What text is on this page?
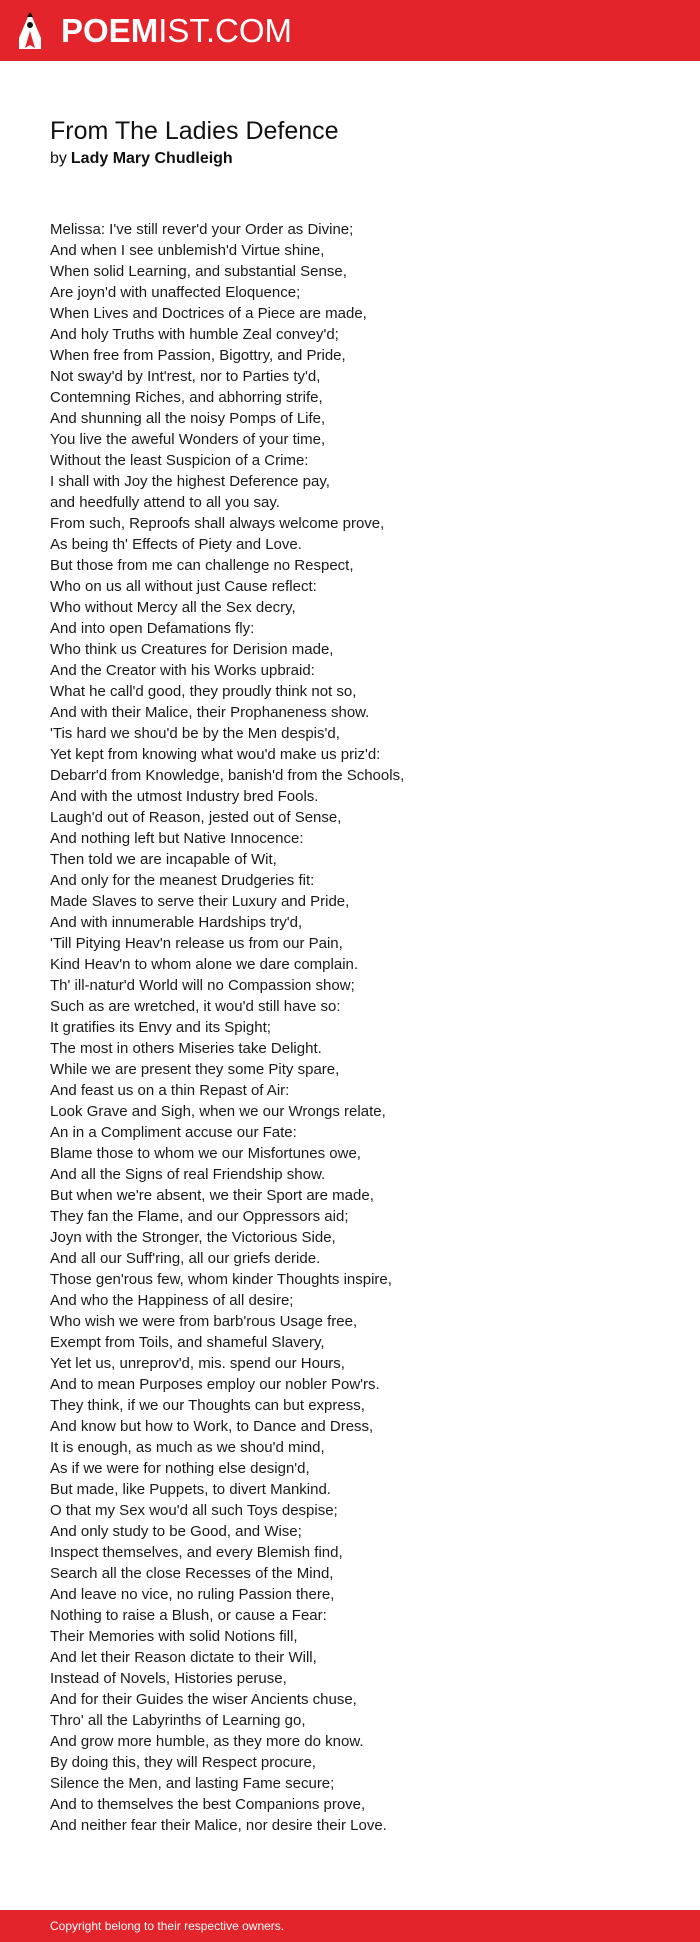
POEM IST.COM
From The Ladies Defence
by Lady Mary Chudleigh
Melissa: I've still rever'd your Order as Divine;
And when I see unblemish'd Virtue shine,
When solid Learning, and substantial Sense,
Are joyn'd with unaffected Eloquence;
When Lives and Doctrices of a Piece are made,
And holy Truths with humble Zeal convey'd;
When free from Passion, Bigottry, and Pride,
Not sway'd by Int'rest, nor to Parties ty'd,
Contemning Riches, and abhorring strife,
And shunning all the noisy Pomps of Life,
You live the aweful Wonders of your time,
Without the least Suspicion of a Crime:
I shall with Joy the highest Deference pay,
and heedfully attend to all you say.
From such, Reproofs shall always welcome prove,
As being th' Effects of Piety and Love.
But those from me can challenge no Respect,
Who on us all without just Cause reflect:
Who without Mercy all the Sex decry,
And into open Defamations fly:
Who think us Creatures for Derision made,
And the Creator with his Works upbraid:
What he call'd good, they proudly think not so,
And with their Malice, their Prophaneness show.
'Tis hard we shou'd be by the Men despis'd,
Yet kept from knowing what wou'd make us priz'd:
Debarr'd from Knowledge, banish'd from the Schools,
And with the utmost Industry bred Fools.
Laugh'd out of Reason, jested out of Sense,
And nothing left but Native Innocence:
Then told we are incapable of Wit,
And only for the meanest Drudgeries fit:
Made Slaves to serve their Luxury and Pride,
And with innumerable Hardships try'd,
'Till Pitying Heav'n release us from our Pain,
Kind Heav'n to whom alone we dare complain.
Th' ill-natur'd World will no Compassion show;
Such as are wretched, it wou'd still have so:
It gratifies its Envy and its Spight;
The most in others Miseries take Delight.
While we are present they some Pity spare,
And feast us on a thin Repast of Air:
Look Grave and Sigh, when we our Wrongs relate,
An in a Compliment accuse our Fate:
Blame those to whom we our Misfortunes owe,
And all the Signs of real Friendship show.
But when we're absent, we their Sport are made,
They fan the Flame, and our Oppressors aid;
Joyn with the Stronger, the Victorious Side,
And all our Suff'ring, all our griefs deride.
Those gen'rous few, whom kinder Thoughts inspire,
And who the Happiness of all desire;
Who wish we were from barb'rous Usage free,
Exempt from Toils, and shameful Slavery,
Yet let us, unreprov'd, mis. spend our Hours,
And to mean Purposes employ our nobler Pow'rs.
They think, if we our Thoughts can but express,
And know but how to Work, to Dance and Dress,
It is enough, as much as we shou'd mind,
As if we were for nothing else design'd,
But made, like Puppets, to divert Mankind.
O that my Sex wou'd all such Toys despise;
And only study to be Good, and Wise;
Inspect themselves, and every Blemish find,
Search all the close Recesses of the Mind,
And leave no vice, no ruling Passion there,
Nothing to raise a Blush, or cause a Fear:
Their Memories with solid Notions fill,
And let their Reason dictate to their Will,
Instead of Novels, Histories peruse,
And for their Guides the wiser Ancients chuse,
Thro' all the Labyrinths of Learning go,
And grow more humble, as they more do know.
By doing this, they will Respect procure,
Silence the Men, and lasting Fame secure;
And to themselves the best Companions prove,
And neither fear their Malice, nor desire their Love.
Copyright belong to their respective owners.
